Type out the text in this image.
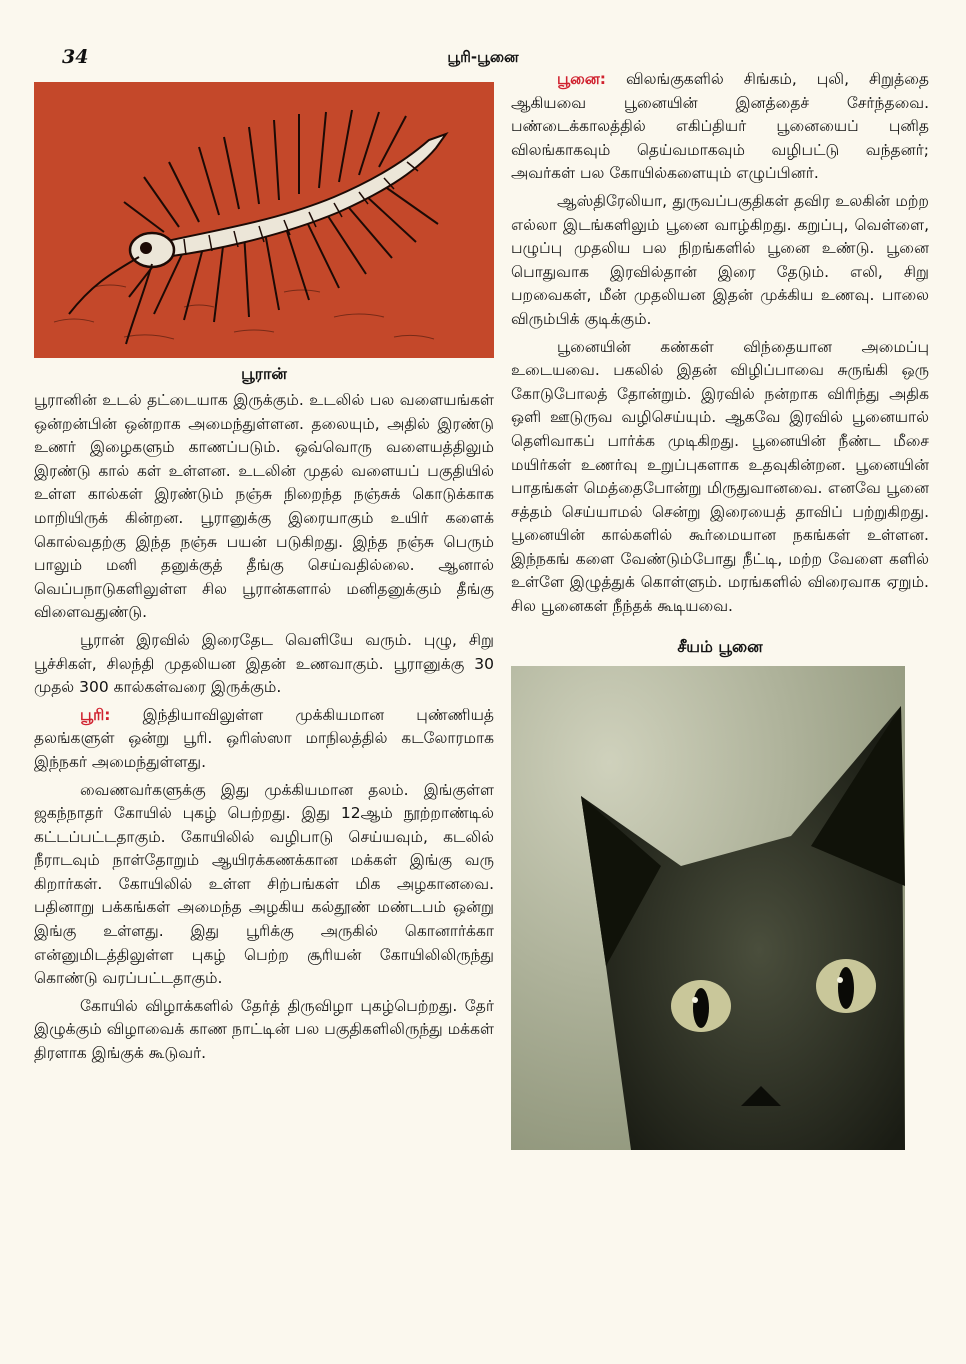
34	பூரி-பூனை
பூரான்

பூரானின் உடல் தட்டையாக இருக்கும். உடலில் பல வளையங்கள் ஒன்றன்பின் ஒன்றாக அமைந்துள்ளன. தலையும், அதில் இரண்டு உணர் இழைகளும் காணப்படும். ஒவ்வொரு வளையத்திலும் இரண்டு கால் கள் உள்ளன. உடலின் முதல் வளையப் பகுதியில் உள்ள கால்கள் இரண்டும் நஞ்சு நிறைந்த நஞ்சுக் கொடுக்காக மாறியிருக் கின்றன. பூரானுக்கு இரையாகும் உயிர் களைக் கொல்வதற்கு இந்த நஞ்சு பயன் படுகிறது. இந்த நஞ்சு பெரும் பாலும் மனி தனுக்குத் தீங்கு செய்வதில்லை. ஆனால் வெப்பநாடுகளிலுள்ள சில பூரான்களால் மனிதனுக்கும் தீங்கு விளைவதுண்டு.

பூரான் இரவில் இரைதேட வெளியே வரும். புழு, சிறு பூச்சிகள், சிலந்தி முதலியன இதன் உணவாகும். பூரானுக்கு 30 முதல் 300 கால்கள்வரை இருக்கும்.

பூரி: இந்தியாவிலுள்ள முக்கியமான புண்ணியத் தலங்களுள் ஒன்று பூரி. ஒரிஸ்ஸா மாநிலத்தில் கடலோரமாக இந்நகர் அமைந்துள்ளது.

வைணவர்களுக்கு இது முக்கியமான தலம். இங்குள்ள ஜகந்நாதர் கோயில் புகழ் பெற்றது. இது 12ஆம் நூற்றாண்டில் கட்டப்பட்டதாகும். கோயிலில் வழிபாடு செய்யவும், கடலில் நீராடவும் நாள்தோறும் ஆயிரக்கணக்கான மக்கள் இங்கு வரு கிறார்கள். கோயிலில் உள்ள சிற்பங்கள் மிக அழகானவை. பதினாறு பக்கங்கள் அமைந்த அழகிய கல்தூண் மண்டபம் ஒன்று இங்கு உள்ளது. இது பூரிக்கு அருகில் கொனார்க்கா என்னுமிடத்திலுள்ள புகழ் பெற்ற சூரியன் கோயிலிலிருந்து கொண்டு வரப்பட்டதாகும்.

கோயில் விழாக்களில் தேர்த் திருவிழா புகழ்பெற்றது. தேர் இழுக்கும் விழாவைக் காண நாட்டின் பல பகுதிகளிலிருந்து மக்கள் திரளாக இங்குக் கூடுவர்.

பூனை: விலங்குகளில் சிங்கம், புலி, சிறுத்தை ஆகியவை பூனையின் இனத்தைச் சேர்ந்தவை. பண்டைக்காலத்தில் எகிப்தியர் பூனையைப் புனித விலங்காகவும் தெய்வமாகவும் வழிபட்டு வந்தனர்; அவர்கள் பல கோயில்களையும் எழுப்பினர்.

ஆஸ்திரேலியா, துருவப்பகுதிகள் தவிர உலகின் மற்ற எல்லா இடங்களிலும் பூனை வாழ்கிறது. கறுப்பு, வெள்ளை, பழுப்பு முதலிய பல நிறங்களில் பூனை உண்டு. பூனை பொதுவாக இரவில்தான் இரை தேடும். எலி, சிறு பறவைகள், மீன் முதலியன இதன் முக்கிய உணவு. பாலை விரும்பிக் குடிக்கும்.

பூனையின் கண்கள் விந்தையான அமைப்பு உடையவை. பகலில் இதன் விழிப்பாவை சுருங்கி ஒரு கோடுபோலத் தோன்றும். இரவில் நன்றாக விரிந்து அதிக ஒளி ஊடுருவ வழிசெய்யும். ஆகவே இரவில் பூனையால் தெளிவாகப் பார்க்க முடிகிறது. பூனையின் நீண்ட மீசை மயிர்கள் உணர்வு உறுப்புகளாக உதவுகின்றன. பூனையின் பாதங்கள் மெத்தைபோன்று மிருதுவானவை. எனவே பூனை சத்தம் செய்யாமல் சென்று இரையைத் தாவிப் பற்றுகிறது. பூனையின் கால்களில் கூர்மையான நகங்கள் உள்ளன. இந்நகங் களை வேண்டும்போது நீட்டி, மற்ற வேளை களில் உள்ளே இழுத்துக் கொள்ளும். மரங்களில் விரைவாக ஏறும். சில பூனைகள் நீந்தக் கூடியவை.

சீயம் பூனை
